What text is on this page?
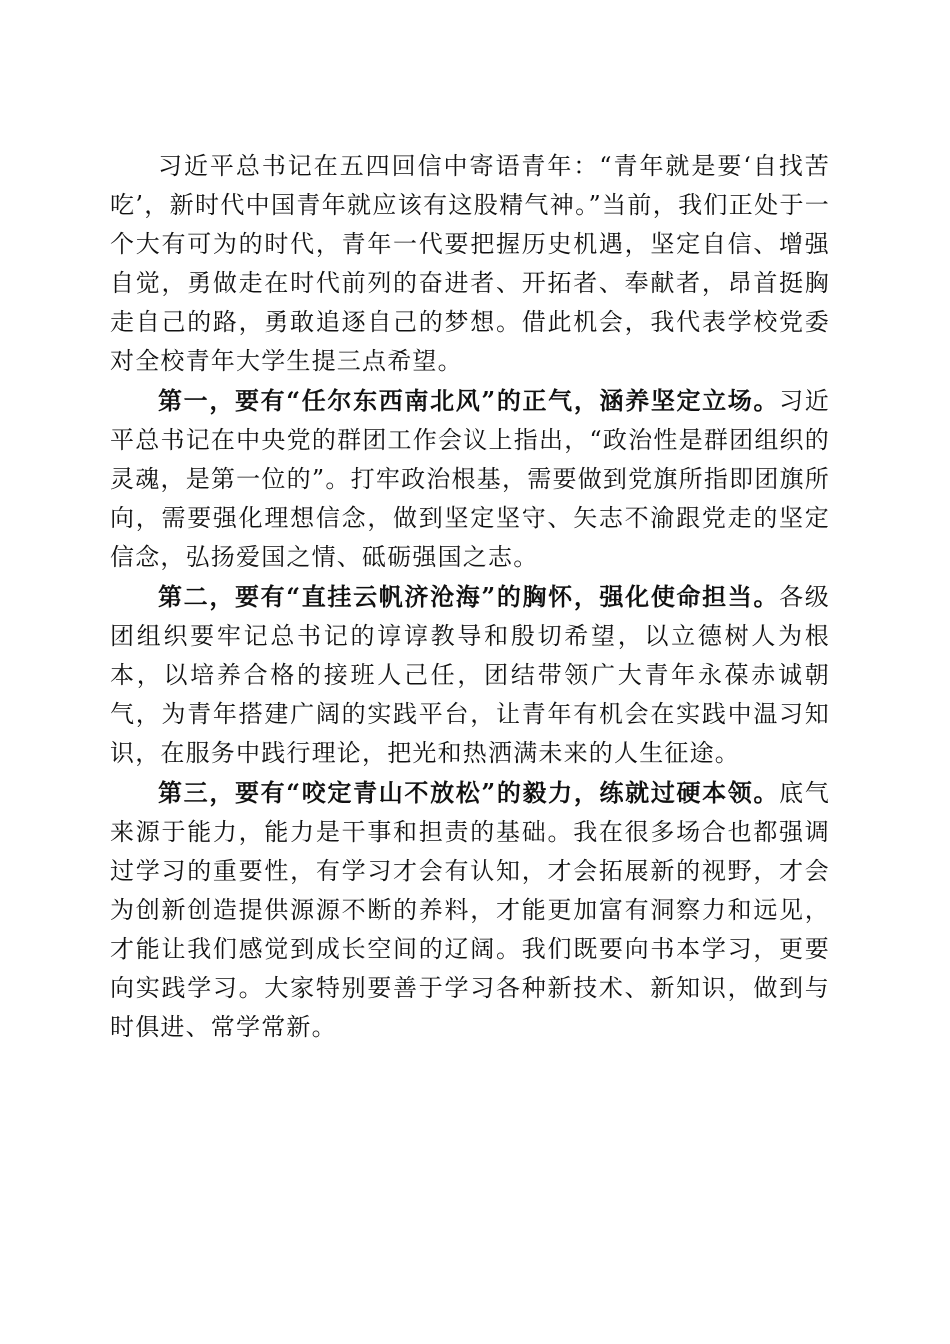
习近平总书记在五四回信中寄语青年：“青年就是要‘自找苦吃’，新时代中国青年就应该有这股精气神。”当前，我们正处于一个大有可为的时代，青年一代要把握历史机遇，坚定自信、增强自觉，勇做走在时代前列的奋进者、开拓者、奉献者，昂首挺胸走自己的路，勇敢追逐自己的梦想。借此机会，我代表学校党委对全校青年大学生提三点希望。

第一，要有“任尔东西南北风”的正气，涵养坚定立场。习近平总书记在中央党的群团工作会议上指出，“政治性是群团组织的灵魂，是第一位的”。打牢政治根基，需要做到党旗所指即团旗所向，需要强化理想信念，做到坚定坚守、矢志不渝跟党走的坚定信念，弘扬爱国之情、砥砺强国之志。

第二，要有“直挂云帆济沧海”的胸怀，强化使命担当。各级团组织要牢记总书记的谆谆教导和殷切希望，以立德树人为根本，以培养合格的接班人己任，团结带领广大青年永葆赤诚朝气，为青年搭建广阔的实践平台，让青年有机会在实践中温习知识，在服务中践行理论，把光和热洒满未来的人生征途。

第三，要有“咬定青山不放松”的毅力，练就过硬本领。底气来源于能力，能力是干事和担责的基础。我在很多场合也都强调过学习的重要性，有学习才会有认知，才会拓展新的视野，才会为创新创造提供源源不断的养料，才能更加富有洞察力和远见，才能让我们感觉到成长空间的辽阔。我们既要向书本学习，更要向实践学习。大家特别要善于学习各种新技术、新知识，做到与时俱进、常学常新。
